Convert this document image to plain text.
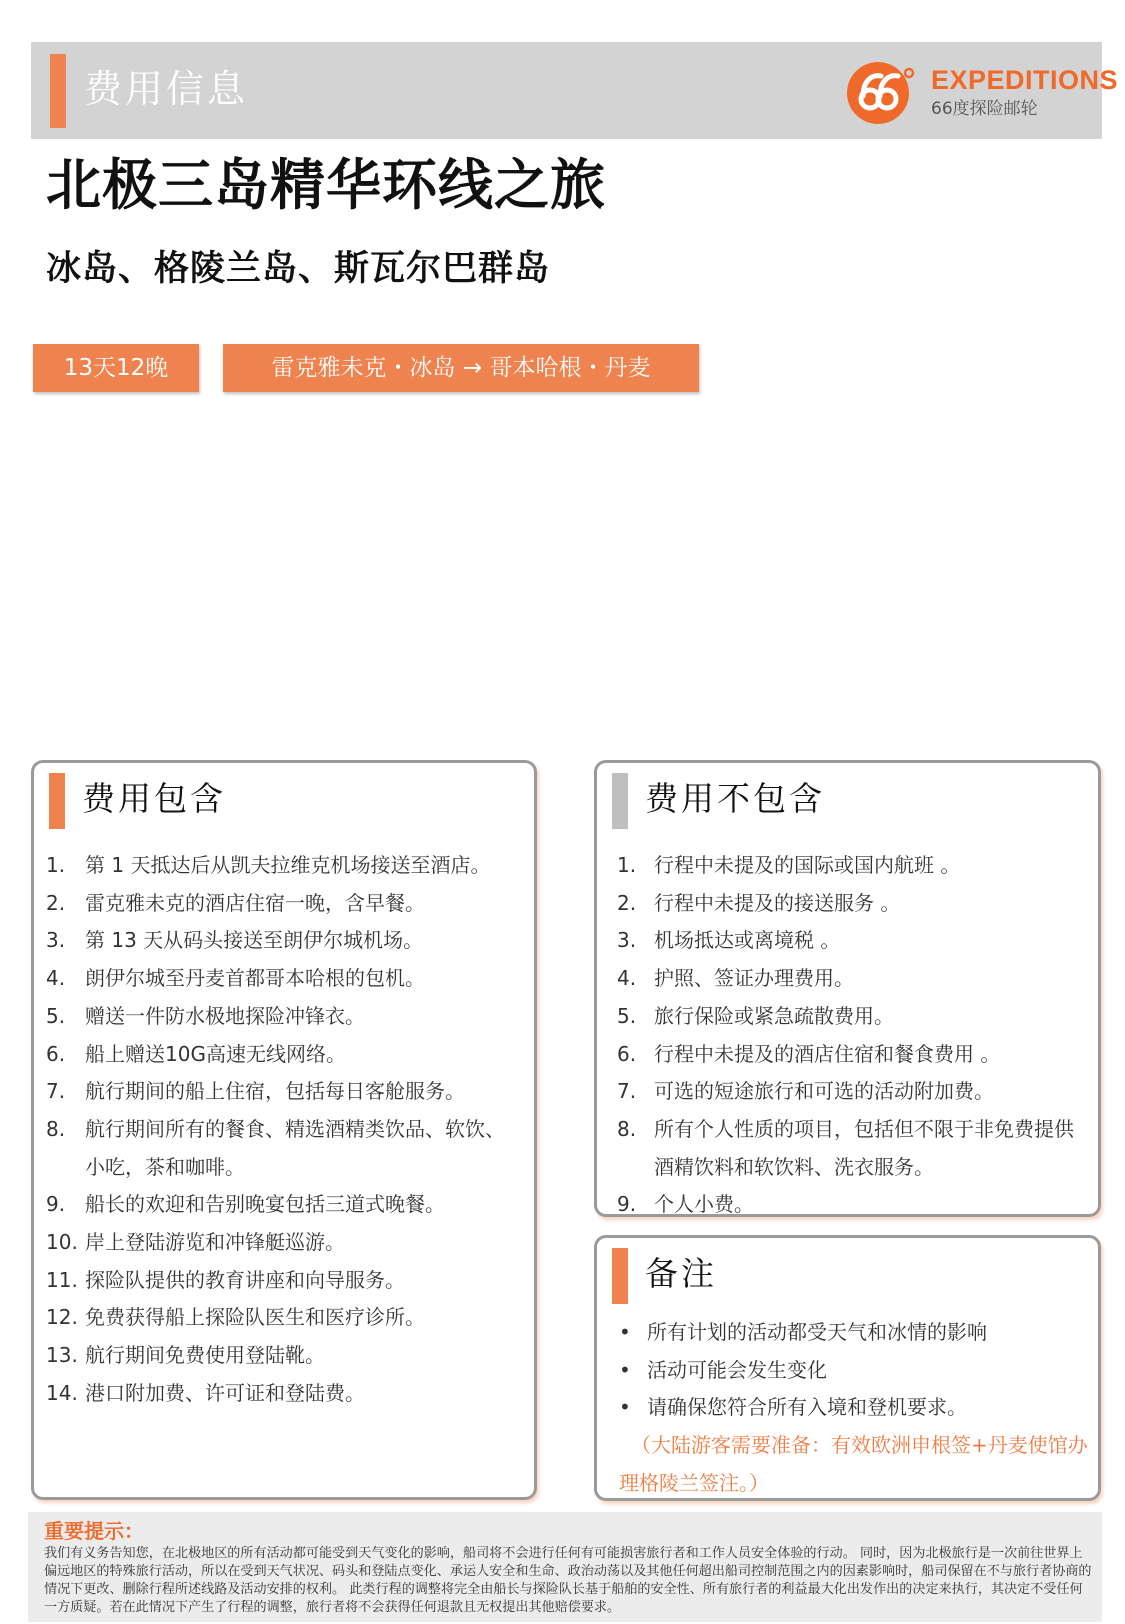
费用信息	EXPEDITIONS
66度探险邮轮
北极三岛精华环线之旅
冰岛、格陵兰岛、斯瓦尔巴群岛
13天12晚	雷克雅未克・冰岛 → 哥本哈根・丹麦
费用包含
1. 第 1 天抵达后从凯夫拉维克机场接送至酒店。
2. 雷克雅未克的酒店住宿一晚，含早餐。
3. 第 13 天从码头接送至朗伊尔城机场。
4. 朗伊尔城至丹麦首都哥本哈根的包机。
5. 赠送一件防水极地探险冲锋衣。
6. 船上赠送10G高速无线网络。
7. 航行期间的船上住宿，包括每日客舱服务。
8. 航行期间所有的餐食、精选酒精类饮品、软饮、小吃，茶和咖啡。
9. 船长的欢迎和告别晚宴包括三道式晚餐。
10. 岸上登陆游览和冲锋艇巡游。
11. 探险队提供的教育讲座和向导服务。
12. 免费获得船上探险队医生和医疗诊所。
13. 航行期间免费使用登陆靴。
14. 港口附加费、许可证和登陆费。
费用不包含
1. 行程中未提及的国际或国内航班 。
2. 行程中未提及的接送服务 。
3. 机场抵达或离境税 。
4. 护照、签证办理费用。
5. 旅行保险或紧急疏散费用。
6. 行程中未提及的酒店住宿和餐食费用 。
7. 可选的短途旅行和可选的活动附加费。
8. 所有个人性质的项目，包括但不限于非免费提供酒精饮料和软饮料、洗衣服务。
9. 个人小费。
备注
• 所有计划的活动都受天气和冰情的影响
• 活动可能会发生变化
• 请确保您符合所有入境和登机要求。
（大陆游客需要准备：有效欧洲申根签+丹麦使馆办理格陵兰签注。）
重要提示：
我们有义务告知您，在北极地区的所有活动都可能受到天气变化的影响，船司将不会进行任何有可能损害旅行者和工作人员安全体验的行动。 同时，因为北极旅行是一次前往世界上偏远地区的特殊旅行活动，所以在受到天气状况、码头和登陆点变化、承运人安全和生命、政治动荡以及其他任何超出船司控制范围之内的因素影响时，船司保留在不与旅行者协商的情况下更改、删除行程所述线路及活动安排的权利。 此类行程的调整将完全由船长与探险队长基于船舶的安全性、所有旅行者的利益最大化出发作出的决定来执行，其决定不受任何一方质疑。若在此情况下产生了行程的调整，旅行者将不会获得任何退款且无权提出其他赔偿要求。
